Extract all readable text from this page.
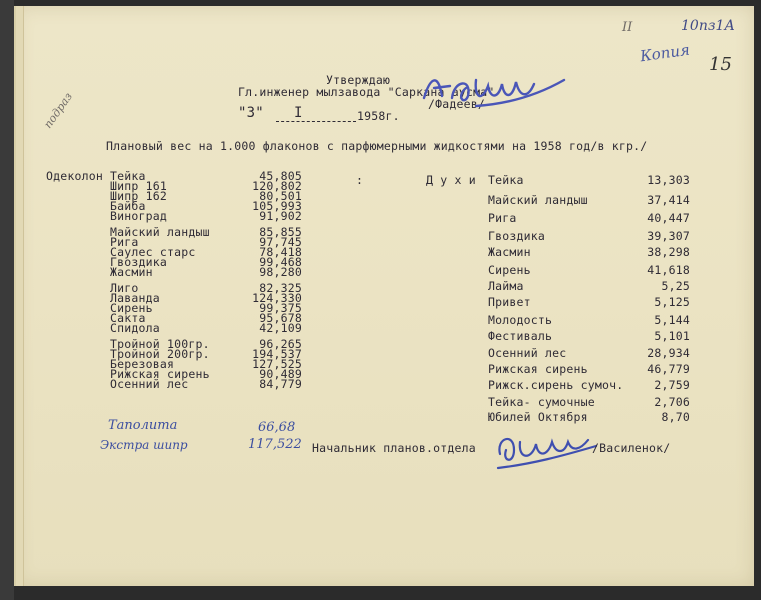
II	10пз1А
Копия 15
подраз
Утверждаю
Гл.инженер мылзавода "Саркана аусма"
/Фадеев/
"3" I	1958г.
Плановый вес на 1.000 флаконов с парфюмерными жидкостями на 1958 год/в кгр./
Одеколон	:
Тейка	45,805
Шипр 161	120,802
Шипр 162	80,501
Байба	105,993
Виноград	91,902
Майский ландыш	85,855
Рига	97,745
Саулес старс	78,418
Гвоздика	99,468
Жасмин	98,280
Лиго	82,325
Лаванда	124,330
Сирень	99,375
Сакта	95,678
Спидола	42,109
Тройной 100гр.	96,265
Тройной 200гр.	194,537
Березовая	127,525
Рижская сирень	90,489
Осенний лес	84,779
Таполита	66,68
Экстра шипр	117,522
Д у х и Тейка	13,303
Майский ландыш	37,414
Рига	40,447
Гвоздика	39,307
Жасмин	38,298
Сирень	41,618
Лайма	5,25
Привет	5,125
Молодость	5,144
Фестиваль	5,101
Осенний лес	28,934
Рижская сирень	46,779
Рижск.сирень сумоч.	2,759
Тейка- сумочные	2,706
Юбилей Октября	8,70
Начальник планов.отдела	/Василенок/
